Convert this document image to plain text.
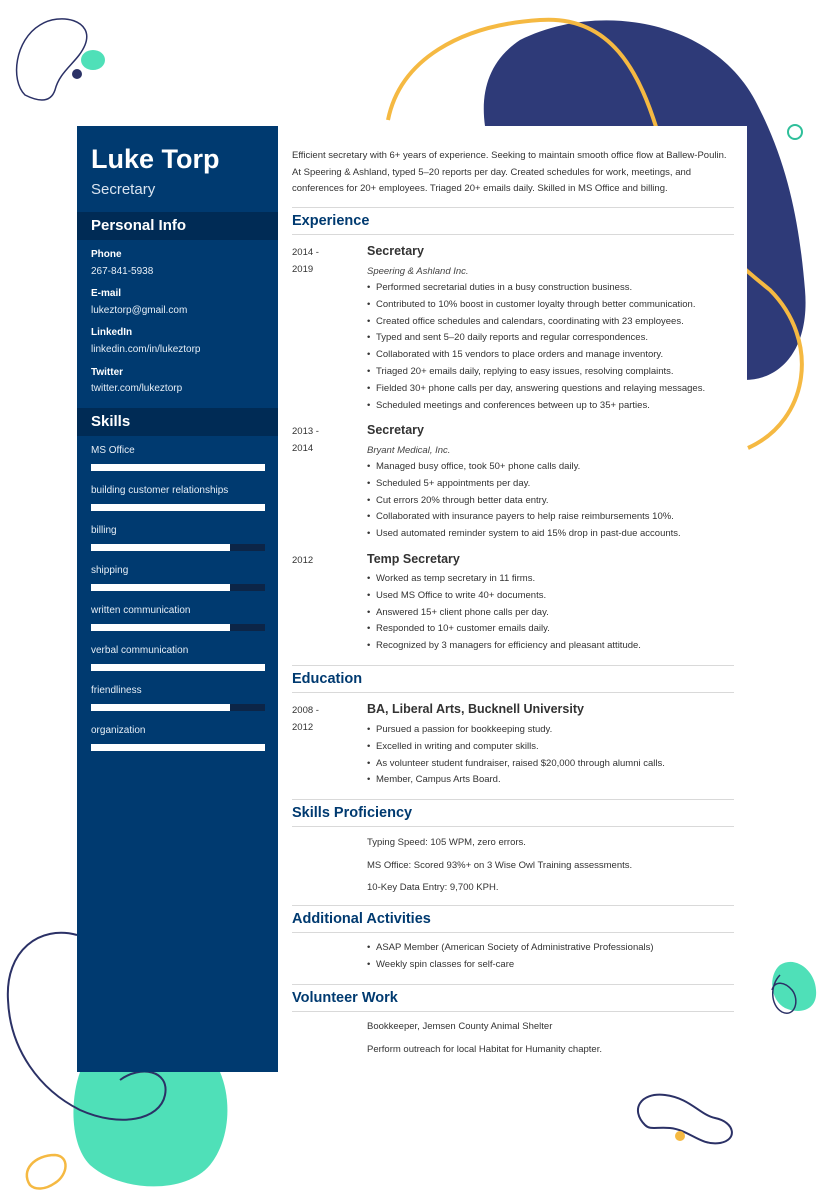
Luke Torp
Secretary
Personal Info
Phone
267-841-5938
E-mail
lukeztorp@gmail.com
LinkedIn
linkedin.com/in/lukeztorp
Twitter
twitter.com/lukeztorp
Skills
MS Office
building customer relationships
billing
shipping
written communication
verbal communication
friendliness
organization
Efficient secretary with 6+ years of experience. Seeking to maintain smooth office flow at Ballew-Poulin. At Speering & Ashland, typed 5–20 reports per day. Created schedules for work, meetings, and conferences for 20+ employees. Triaged 20+ emails daily. Skilled in MS Office and billing.
Experience
2014 -
2019
Secretary
Speering & Ashland Inc.
• Performed secretarial duties in a busy construction business.
• Contributed to 10% boost in customer loyalty through better communication.
• Created office schedules and calendars, coordinating with 23 employees.
• Typed and sent 5–20 daily reports and regular correspondences.
• Collaborated with 15 vendors to place orders and manage inventory.
• Triaged 20+ emails daily, replying to easy issues, resolving complaints.
• Fielded 30+ phone calls per day, answering questions and relaying messages.
• Scheduled meetings and conferences between up to 35+ parties.
2013 -
2014
Secretary
Bryant Medical, Inc.
• Managed busy office, took 50+ phone calls daily.
• Scheduled 5+ appointments per day.
• Cut errors 20% through better data entry.
• Collaborated with insurance payers to help raise reimbursements 10%.
• Used automated reminder system to aid 15% drop in past-due accounts.
2012	Temp Secretary
• Worked as temp secretary in 11 firms.
• Used MS Office to write 40+ documents.
• Answered 15+ client phone calls per day.
• Responded to 10+ customer emails daily.
• Recognized by 3 managers for efficiency and pleasant attitude.
Education
2008 -
2012
BA, Liberal Arts, Bucknell University
• Pursued a passion for bookkeeping study.
• Excelled in writing and computer skills.
• As volunteer student fundraiser, raised $20,000 through alumni calls.
• Member, Campus Arts Board.
Skills Proficiency
Typing Speed: 105 WPM, zero errors.
MS Office: Scored 93%+ on 3 Wise Owl Training assessments.
10-Key Data Entry: 9,700 KPH.
Additional Activities
• ASAP Member (American Society of Administrative Professionals)
• Weekly spin classes for self-care
Volunteer Work
Bookkeeper, Jemsen County Animal Shelter
Perform outreach for local Habitat for Humanity chapter.
